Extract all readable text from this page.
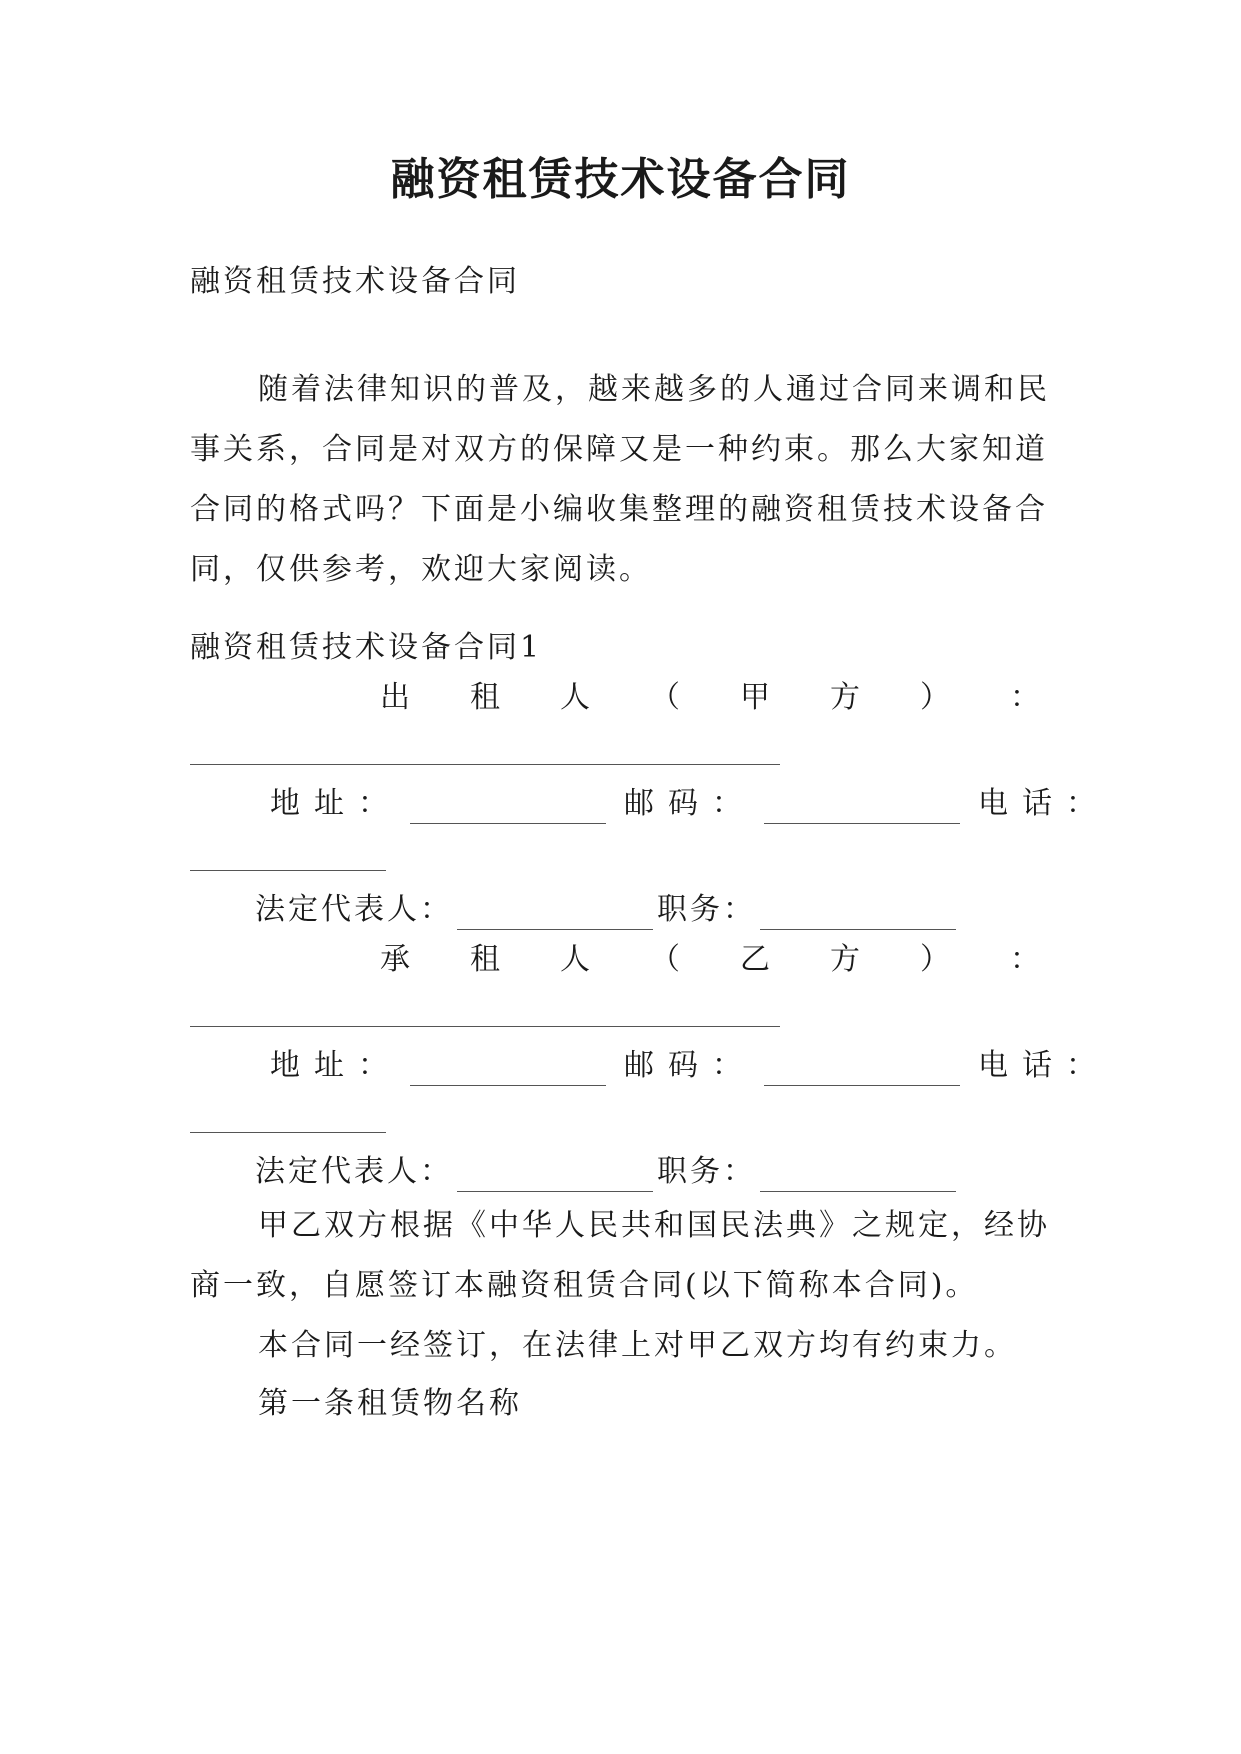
融资租赁技术设备合同
融资租赁技术设备合同
随着法律知识的普及，越来越多的人通过合同来调和民事关系，合同是对双方的保障又是一种约束。那么大家知道合同的格式吗？下面是小编收集整理的融资租赁技术设备合同，仅供参考，欢迎大家阅读。
融资租赁技术设备合同1
出 租 人 （ 甲 方 ） ：
地址：	邮码：	电话：
法定代表人：	职务：
承 租 人 （ 乙 方 ） ：
地址：	邮码：	电话：
法定代表人：	职务：
甲乙双方根据《中华人民共和国民法典》之规定，经协商一致，自愿签订本融资租赁合同(以下简称本合同)。
本合同一经签订，在法律上对甲乙双方均有约束力。
第一条租赁物名称
